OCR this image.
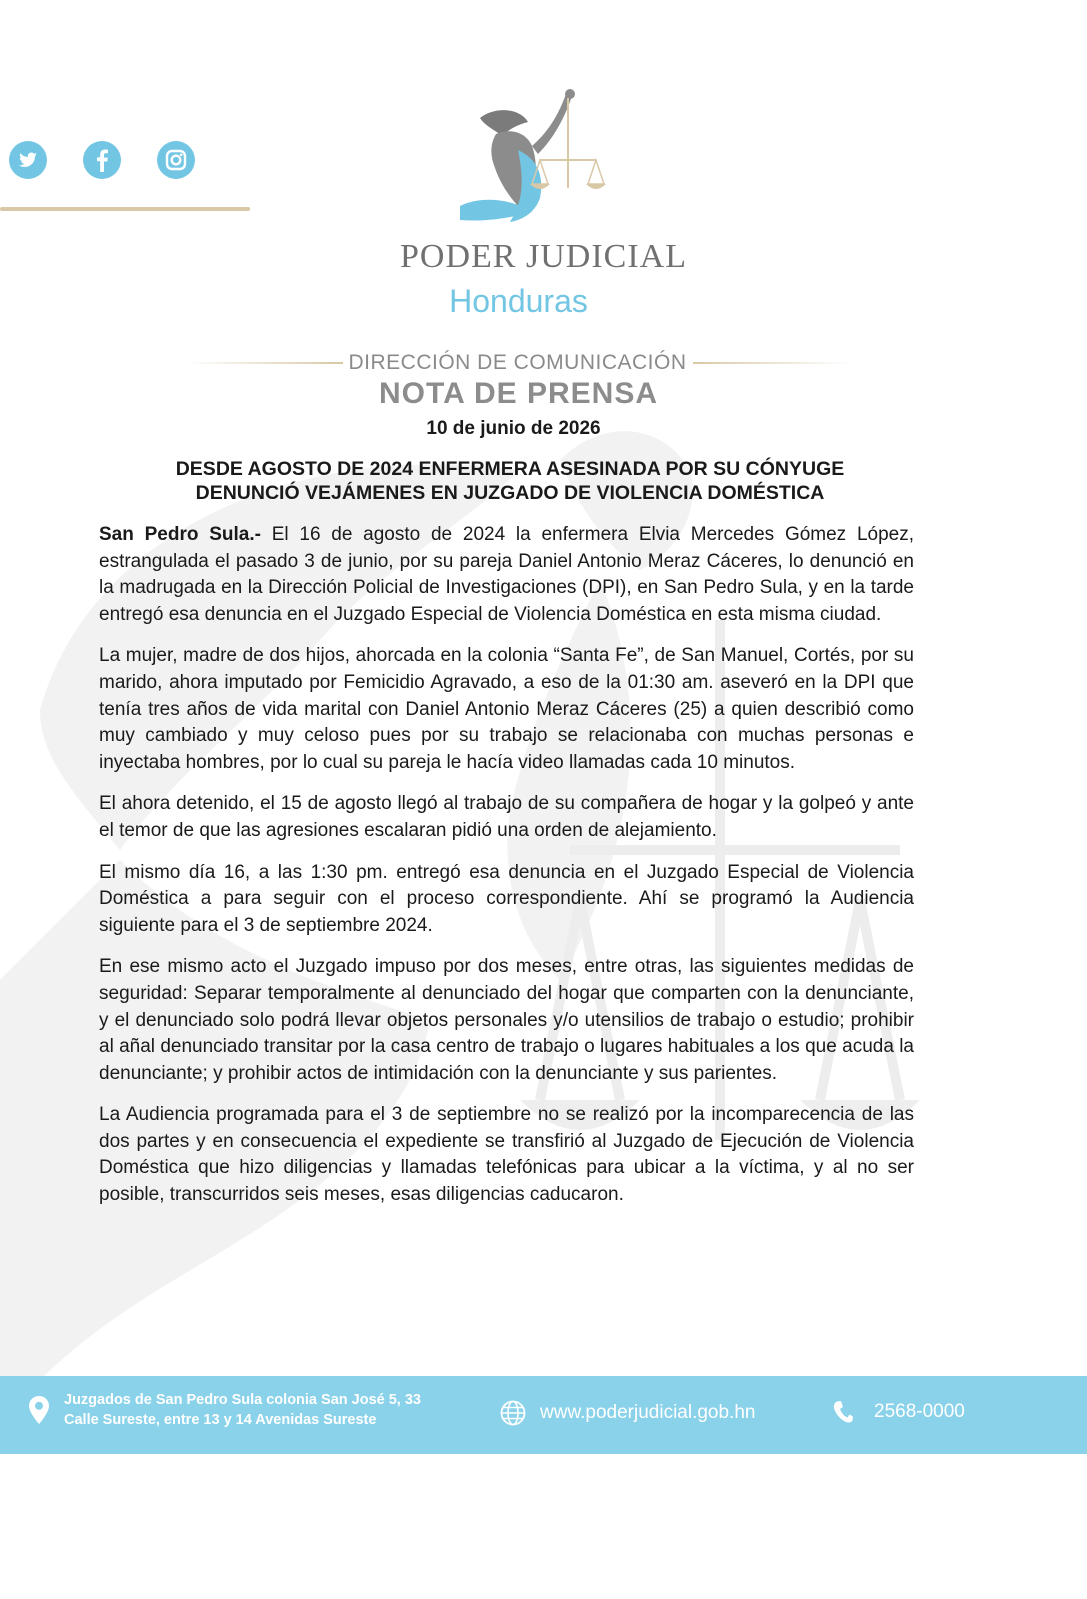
PODER JUDICIAL
Honduras
DIRECCIÓN DE COMUNICACIÓN
NOTA DE PRENSA
10 de junio de 2026
DESDE AGOSTO DE 2024 ENFERMERA ASESINADA POR SU CÓNYUGE
DENUNCIÓ VEJÁMENES EN JUZGADO DE VIOLENCIA DOMÉSTICA

San Pedro Sula.- El 16 de agosto de 2024 la enfermera Elvia Mercedes Gómez López, estrangulada el pasado 3 de junio, por su pareja Daniel Antonio Meraz Cáceres, lo denunció en la madrugada en la Dirección Policial de Investigaciones (DPI), en San Pedro Sula, y en la tarde entregó esa denuncia en el Juzgado Especial de Violencia Doméstica en esta misma ciudad.

La mujer, madre de dos hijos, ahorcada en la colonia “Santa Fe”, de San Manuel, Cortés, por su marido, ahora imputado por Femicidio Agravado, a eso de la 01:30 am. aseveró en la DPI que tenía tres años de vida marital con Daniel Antonio Meraz Cáceres (25) a quien describió como muy cambiado y muy celoso pues por su trabajo se relacionaba con muchas personas e inyectaba hombres, por lo cual su pareja le hacía video llamadas cada 10 minutos.

El ahora detenido, el 15 de agosto llegó al trabajo de su compañera de hogar y la golpeó y ante el temor de que las agresiones escalaran pidió una orden de alejamiento.

El mismo día 16, a las 1:30 pm. entregó esa denuncia en el Juzgado Especial de Violencia Doméstica a para seguir con el proceso correspondiente. Ahí se programó la Audiencia siguiente para el 3 de septiembre 2024.

En ese mismo acto el Juzgado impuso por dos meses, entre otras, las siguientes medidas de seguridad: Separar temporalmente al denunciado del hogar que comparten con la denunciante, y el denunciado solo podrá llevar objetos personales y/o utensilios de trabajo o estudio; prohibir al añal denunciado transitar por la casa centro de trabajo o lugares habituales a los que acuda la denunciante; y prohibir actos de intimidación con la denunciante y sus parientes.

La Audiencia programada para el 3 de septiembre no se realizó por la incomparecencia de las dos partes y en consecuencia el expediente se transfirió al Juzgado de Ejecución de Violencia Doméstica que hizo diligencias y llamadas telefónicas para ubicar a la víctima, y al no ser posible, transcurridos seis meses, esas diligencias caducaron.

Juzgados de San Pedro Sula colonia San José 5, 33
Calle Sureste, entre 13 y 14 Avenidas Sureste	www.poderjudicial.gob.hn	2568-0000
